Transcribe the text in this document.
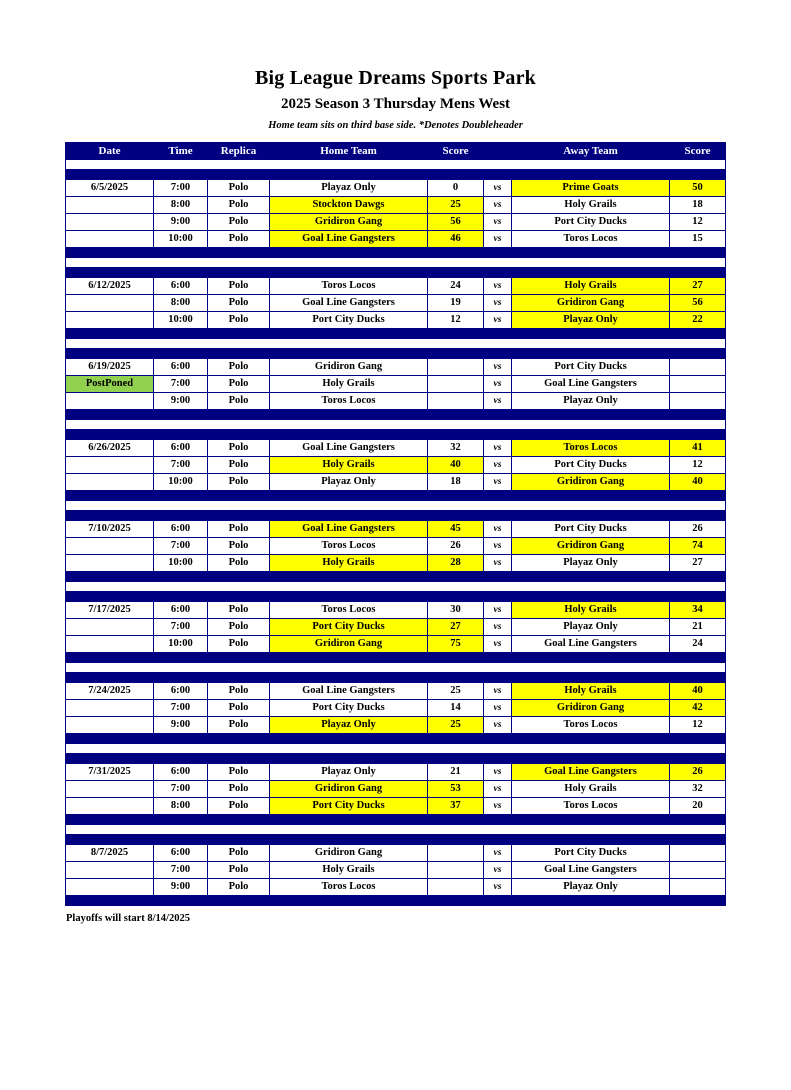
Big League Dreams Sports Park
2025 Season 3 Thursday Mens West
Home team sits on third base side. *Denotes Doubleheader
Date	Time	Replica	Home Team	Score		Away Team	Score

6/5/2025	7:00	Polo	Playaz Only	0	vs	Prime Goats	50
	8:00	Polo	Stockton Dawgs	25	vs	Holy Grails	18
	9:00	Polo	Gridiron Gang	56	vs	Port City Ducks	12
	10:00	Polo	Goal Line Gangsters	46	vs	Toros Locos	15

6/12/2025	6:00	Polo	Toros Locos	24	vs	Holy Grails	27
	8:00	Polo	Goal Line Gangsters	19	vs	Gridiron Gang	56
	10:00	Polo	Port City Ducks	12	vs	Playaz Only	22

6/19/2025	6:00	Polo	Gridiron Gang		vs	Port City Ducks	
PostPoned	7:00	Polo	Holy Grails		vs	Goal Line Gangsters	
	9:00	Polo	Toros Locos		vs	Playaz Only	

6/26/2025	6:00	Polo	Goal Line Gangsters	32	vs	Toros Locos	41
	7:00	Polo	Holy Grails	40	vs	Port City Ducks	12
	10:00	Polo	Playaz Only	18	vs	Gridiron Gang	40

7/10/2025	6:00	Polo	Goal Line Gangsters	45	vs	Port City Ducks	26
	7:00	Polo	Toros Locos	26	vs	Gridiron Gang	74
	10:00	Polo	Holy Grails	28	vs	Playaz Only	27

7/17/2025	6:00	Polo	Toros Locos	30	vs	Holy Grails	34
	7:00	Polo	Port City Ducks	27	vs	Playaz Only	21
	10:00	Polo	Gridiron Gang	75	vs	Goal Line Gangsters	24

7/24/2025	6:00	Polo	Goal Line Gangsters	25	vs	Holy Grails	40
	7:00	Polo	Port City Ducks	14	vs	Gridiron Gang	42
	9:00	Polo	Playaz Only	25	vs	Toros Locos	12

7/31/2025	6:00	Polo	Playaz Only	21	vs	Goal Line Gangsters	26
	7:00	Polo	Gridiron Gang	53	vs	Holy Grails	32
	8:00	Polo	Port City Ducks	37	vs	Toros Locos	20

8/7/2025	6:00	Polo	Gridiron Gang		vs	Port City Ducks	
	7:00	Polo	Holy Grails		vs	Goal Line Gangsters	
	9:00	Polo	Toros Locos		vs	Playaz Only	

Playoffs will start 8/14/2025
